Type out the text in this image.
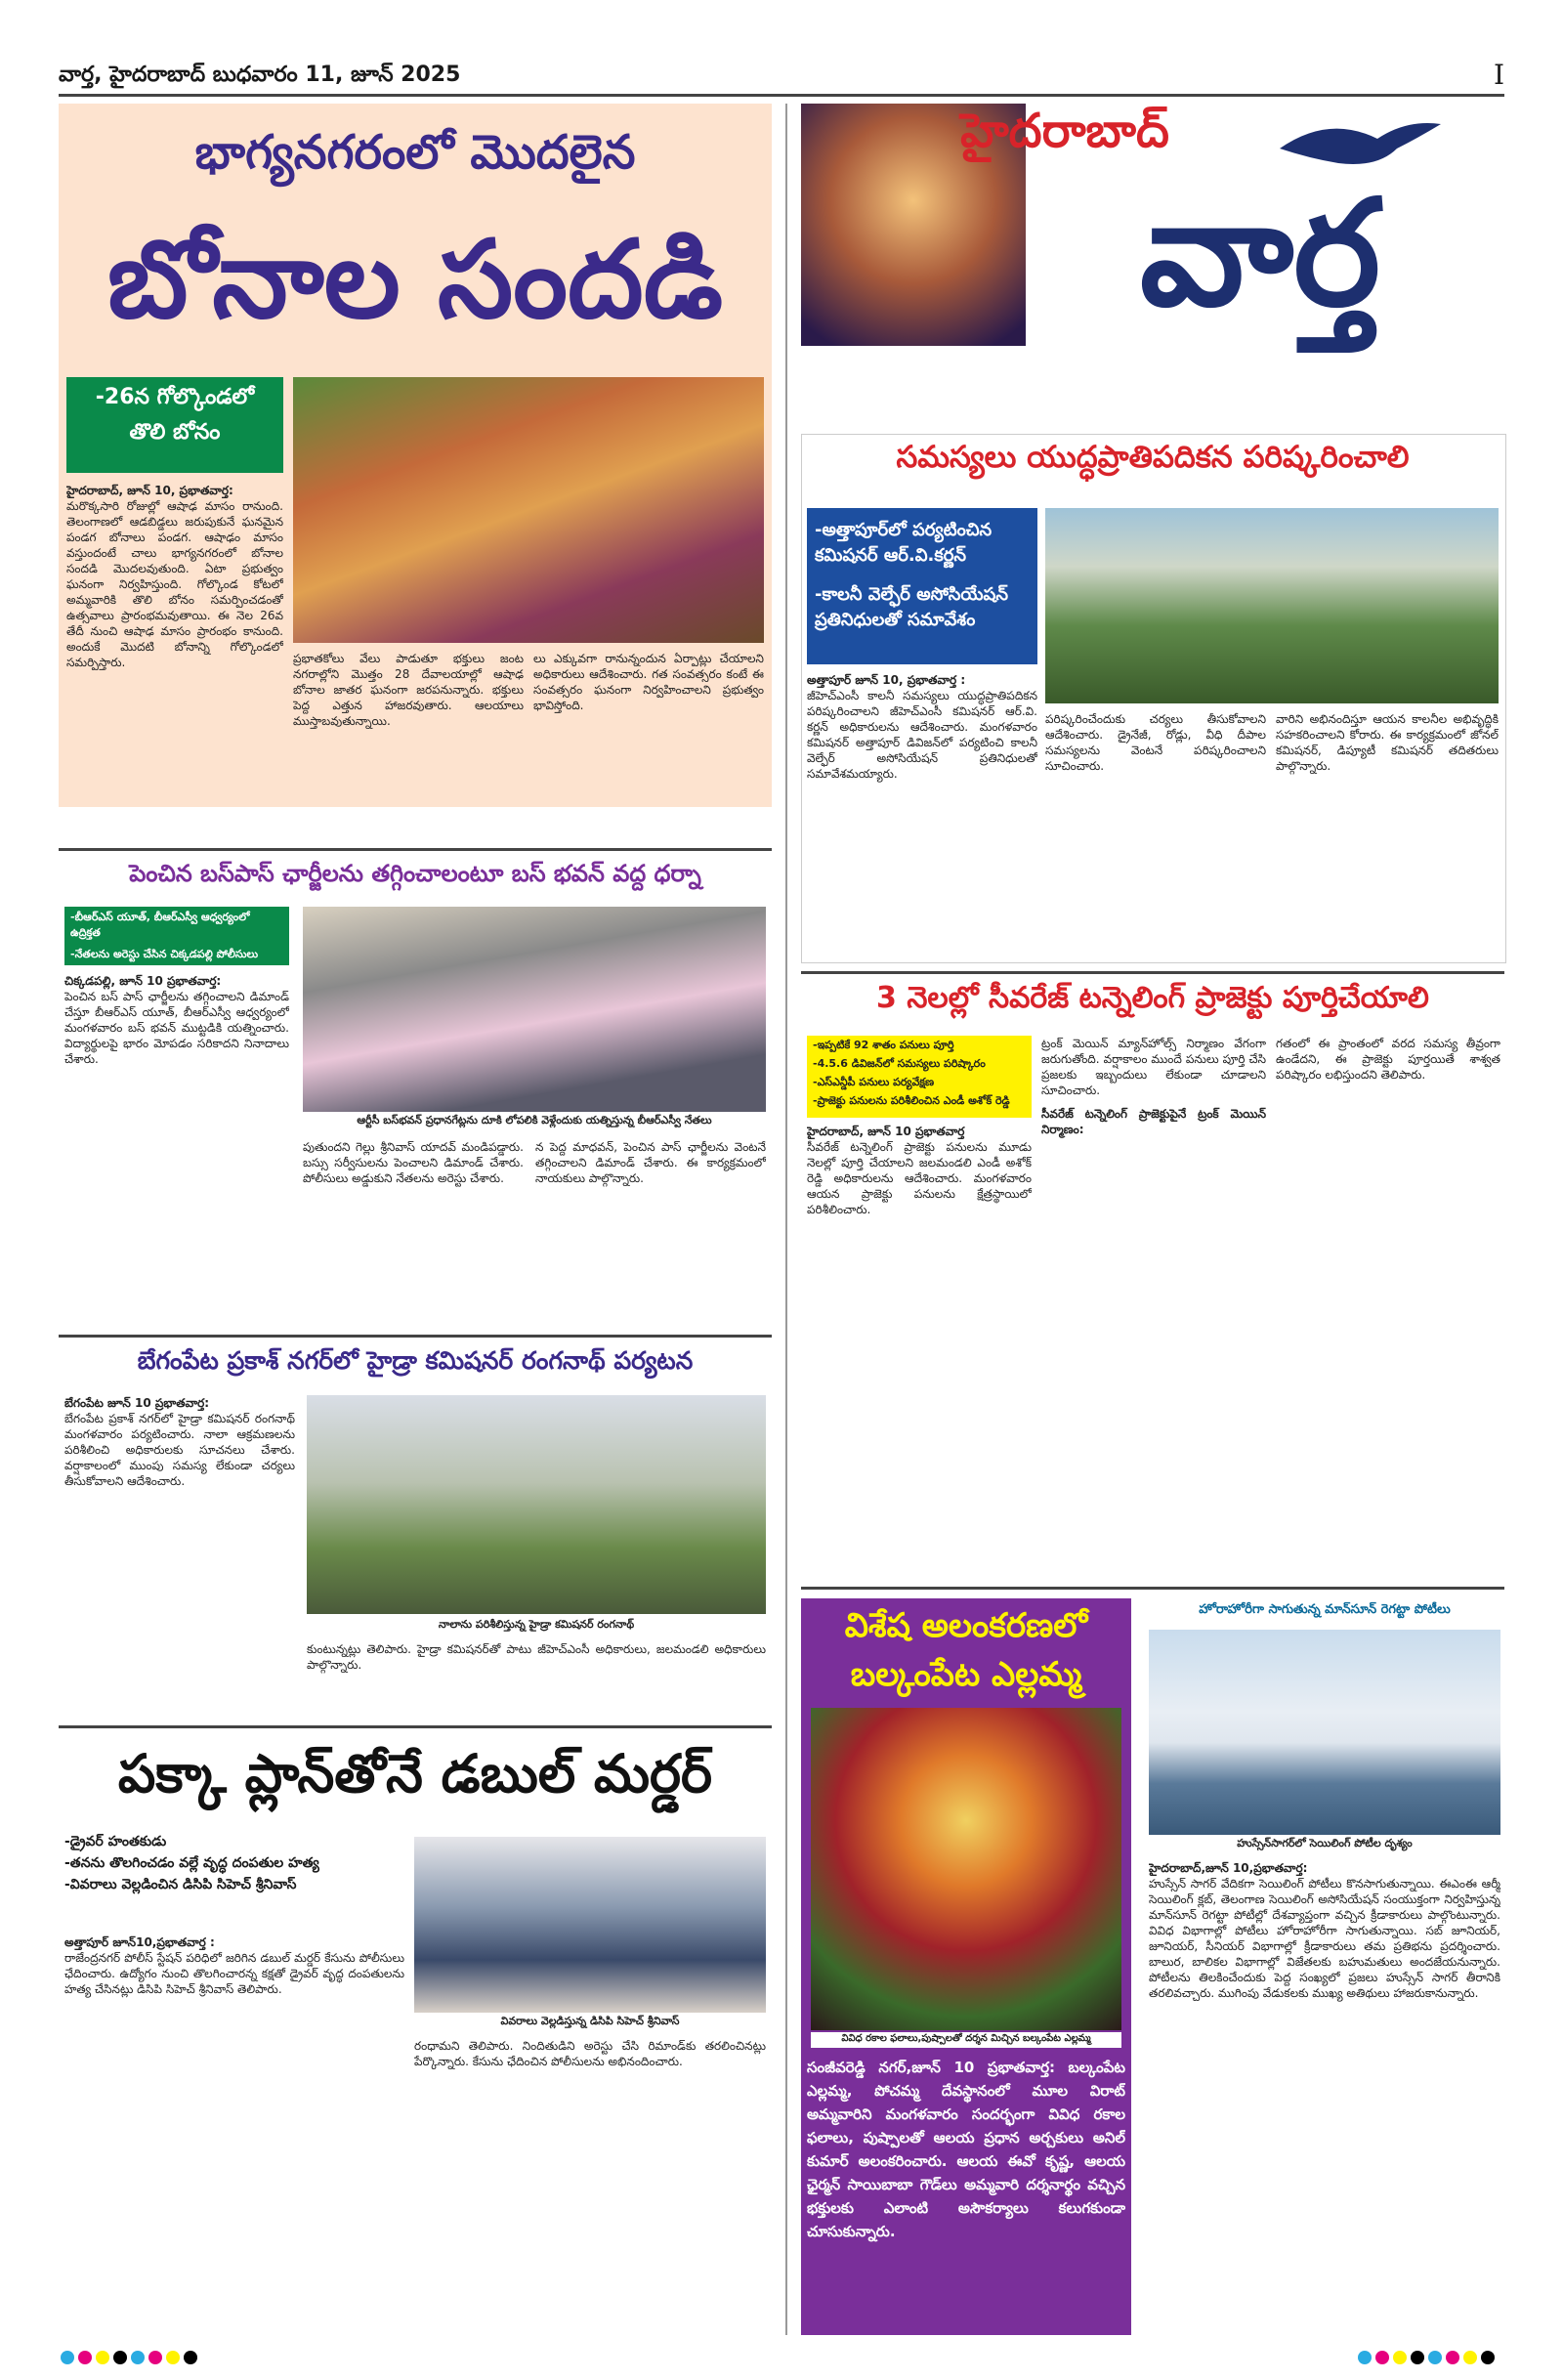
వార్త, హైదరాబాద్ బుధవారం 11, జూన్ 2025	I
భాగ్యనగరంలో మొదలైన
బోనాల సందడి
-26న గోల్కొండలో
తొలి బోనం

హైదరాబాద్, జూన్ 10, ప్రభాతవార్త:

మరొక్కసారి రోజుల్లో ఆషాఢ మాసం రానుంది. తెలంగాణలో ఆడబిడ్డలు జరుపుకునే ఘనమైన పండగ బోనాలు పండగ. ఆషాఢం మాసం వస్తుందంటే చాలు భాగ్యనగరంలో బోనాల సందడి మొదలవుతుంది. ఏటా ప్రభుత్వం ఘనంగా నిర్వహిస్తుంది. గోల్కొండ కోటలో అమ్మవారికి తొలి బోనం సమర్పించడంతో ఉత్సవాలు ప్రారంభమవుతాయి. ఈ నెల 26వ తేదీ నుంచి ఆషాఢ మాసం ప్రారంభం కానుంది. అందుకే మొదటి బోనాన్ని గోల్కొండలో సమర్పిస్తారు.	ప్రభాతకోలు వేలు పాడుతూ భక్తులు జంట నగరాల్లోని మొత్తం 28 దేవాలయాల్లో ఆషాఢ బోనాల జాతర ఘనంగా జరపనున్నారు. భక్తులు పెద్ద ఎత్తున హాజరవుతారు. ఆలయాలు ముస్తాబవుతున్నాయి.

లు ఎక్కువగా రానున్నందున ఏర్పాట్లు చేయాలని అధికారులు ఆదేశించారు. గత సంవత్సరం కంటే ఈ సంవత్సరం ఘనంగా నిర్వహించాలని ప్రభుత్వం భావిస్తోంది.

హైదరాబాద్
వార్త
సమస్యలు యుద్ధప్రాతిపదికన పరిష్కరించాలి
-అత్తాపూర్‌లో పర్యటించిన కమిషనర్ ఆర్.వి.కర్ణన్
-కాలనీ వెల్ఫేర్ అసోసియేషన్ ప్రతినిధులతో సమావేశం

అత్తాపూర్ జూన్ 10, ప్రభాతవార్త :

జీహెచ్ఎంసీ కాలనీ సమస్యలు యుద్ధప్రాతిపదికన పరిష్కరించాలని జీహెచ్ఎంసీ కమిషనర్ ఆర్.వి. కర్ణన్ అధికారులను ఆదేశించారు. మంగళవారం కమిషనర్ అత్తాపూర్ డివిజన్‌లో పర్యటించి కాలనీ వెల్ఫేర్ అసోసియేషన్ ప్రతినిధులతో సమావేశమయ్యారు.

పరిష్కరించేందుకు చర్యలు తీసుకోవాలని ఆదేశించారు. డ్రైనేజీ, రోడ్లు, వీధి దీపాల సమస్యలను వెంటనే పరిష్కరించాలని సూచించారు.

వారిని అభినందిస్తూ ఆయన కాలనీల అభివృద్ధికి సహకరించాలని కోరారు. ఈ కార్యక్రమంలో జోనల్ కమిషనర్, డిప్యూటీ కమిషనర్ తదితరులు పాల్గొన్నారు.

పెంచిన బస్‌పాస్ ఛార్జీలను తగ్గించాలంటూ బస్ భవన్ వద్ద ధర్నా
-బీఆర్ఎస్ యూత్, బీఆర్ఎస్వీ ఆధ్వర్యంలో ఉద్రిక్తత
-నేతలను అరెస్టు చేసిన చిక్కడపల్లి పోలీసులు

చిక్కడపల్లి, జూన్ 10 ప్రభాతవార్త:

పెంచిన బస్ పాస్ ఛార్జీలను తగ్గించాలని డిమాండ్ చేస్తూ బీఆర్ఎస్ యూత్, బీఆర్ఎస్వీ ఆధ్వర్యంలో మంగళవారం బస్ భవన్ ముట్టడికి యత్నించారు. విద్యార్థులపై భారం మోపడం సరికాదని నినాదాలు చేశారు.

ఆర్టీసీ బస్‌భవన్ ప్రధానగేట్లను దూకి లోపలికి వెళ్లేందుకు యత్నిస్తున్న బీఆర్ఎస్వీ నేతలు

పుతుందని గెల్లు శ్రీనివాస్ యాదవ్ మండిపడ్డారు. బస్సు సర్వీసులను పెంచాలని డిమాండ్ చేశారు. పోలీసులు అడ్డుకుని నేతలను అరెస్టు చేశారు.

న పెద్ద మాధవన్, పెంచిన పాస్ ఛార్జీలను వెంటనే తగ్గించాలని డిమాండ్ చేశారు. ఈ కార్యక్రమంలో నాయకులు పాల్గొన్నారు.

3 నెలల్లో సీవరేజ్ టన్నెలింగ్ ప్రాజెక్టు పూర్తిచేయాలి
-ఇప్పటికే 92 శాతం పనులు పూర్తి
-4.5.6 డివిజన్‌లో సమస్యలు పరిష్కారం
-ఎస్ఎన్డీపీ పనులు పర్యవేక్షణ
-ప్రాజెక్టు పనులను పరిశీలించిన ఎండీ అశోక్ రెడ్డి

హైదరాబాద్, జూన్ 10 ప్రభాతవార్త

సీవరేజ్ టన్నెలింగ్ ప్రాజెక్టు పనులను మూడు నెలల్లో పూర్తి చేయాలని జలమండలి ఎండీ అశోక్ రెడ్డి అధికారులను ఆదేశించారు. మంగళవారం ఆయన ప్రాజెక్టు పనులను క్షేత్రస్థాయిలో పరిశీలించారు.

ట్రంక్ మెయిన్ మ్యాన్‌హోల్స్ నిర్మాణం వేగంగా జరుగుతోంది. వర్షాకాలం ముందే పనులు పూర్తి చేసి ప్రజలకు ఇబ్బందులు లేకుండా చూడాలని సూచించారు.

సీవరేజ్ టన్నెలింగ్ ప్రాజెక్టుపైనే ట్రంక్ మెయిన్ నిర్మాణం:

గతంలో ఈ ప్రాంతంలో వరద సమస్య తీవ్రంగా ఉండేదని, ఈ ప్రాజెక్టు పూర్తయితే శాశ్వత పరిష్కారం లభిస్తుందని తెలిపారు.

బేగంపేట ప్రకాశ్ నగర్‌లో హైడ్రా కమిషనర్ రంగనాథ్ పర్యటన

బేగంపేట జూన్ 10 ప్రభాతవార్త:

బేగంపేట ప్రకాశ్ నగర్‌లో హైడ్రా కమిషనర్ రంగనాథ్ మంగళవారం పర్యటించారు. నాలా ఆక్రమణలను పరిశీలించి అధికారులకు సూచనలు చేశారు. వర్షాకాలంలో ముంపు సమస్య లేకుండా చర్యలు తీసుకోవాలని ఆదేశించారు.

నాలాను పరిశీలిస్తున్న హైడ్రా కమిషనర్ రంగనాథ్

కుంటున్నట్లు తెలిపారు. హైడ్రా కమిషనర్‌తో పాటు జీహెచ్ఎంసీ అధికారులు, జలమండలి అధికారులు పాల్గొన్నారు.

పక్కా ప్లాన్‌తోనే డబుల్ మర్డర్
-డ్రైవర్ హంతకుడు
-తనను తొలగించడం వల్లే వృద్ధ దంపతుల హత్య
-వివరాలు వెల్లడించిన డిసిపి సిహెచ్ శ్రీనివాస్

అత్తాపూర్ జూన్10,ప్రభాతవార్త :

రాజేంద్రనగర్ పోలీస్ స్టేషన్ పరిధిలో జరిగిన డబుల్ మర్డర్ కేసును పోలీసులు ఛేదించారు. ఉద్యోగం నుంచి తొలగించారన్న కక్షతో డ్రైవర్ వృద్ధ దంపతులను హత్య చేసినట్లు డిసిపి సిహెచ్ శ్రీనివాస్ తెలిపారు.

వివరాలు వెల్లడిస్తున్న డిసిపి సిహెచ్ శ్రీనివాస్

రంధామని తెలిపారు. నిందితుడిని అరెస్టు చేసి రిమాండ్‌కు తరలించినట్లు పేర్కొన్నారు. కేసును ఛేదించిన పోలీసులను అభినందించారు.

విశేష అలంకరణలో
బల్కంపేట ఎల్లమ్మ
వివిధ రకాల ఫలాలు,పుష్పాలతో దర్శన మిచ్చిన బల్కంపేట ఎల్లమ్మ
సంజీవరెడ్డి నగర్,జూన్ 10 ప్రభాతవార్త: బల్కంపేట ఎల్లమ్మ, పోచమ్మ దేవస్థానంలో మూల విరాట్ అమ్మవారిని మంగళవారం సందర్భంగా వివిధ రకాల ఫలాలు, పుష్పాలతో ఆలయ ప్రధాన అర్చకులు అనిల్ కుమార్ అలంకరించారు. ఆలయ ఈవో కృష్ణ, ఆలయ ఛైర్మన్ సాయిబాబా గౌడ్‌లు అమ్మవారి దర్శనార్థం వచ్చిన భక్తులకు ఎలాంటి అసౌకర్యాలు కలుగకుండా చూసుకున్నారు.
హోరాహోరీగా సాగుతున్న మాన్‌సూన్ రెగట్టా పోటీలు
హుస్సేన్‌సాగర్‌లో సెయిలింగ్ పోటీల దృశ్యం

హైదరాబాద్,జూన్ 10,ప్రభాతవార్త:

హుస్సేన్ సాగర్ వేదికగా సెయిలింగ్ పోటీలు కొనసాగుతున్నాయి. ఈఎంఈ ఆర్మీ సెయిలింగ్ క్లబ్, తెలంగాణ సెయిలింగ్ అసోసియేషన్ సంయుక్తంగా నిర్వహిస్తున్న మాన్‌సూన్ రెగట్టా పోటీల్లో దేశవ్యాప్తంగా వచ్చిన క్రీడాకారులు పాల్గొంటున్నారు. వివిధ విభాగాల్లో పోటీలు హోరాహోరీగా సాగుతున్నాయి. సబ్ జూనియర్, జూనియర్, సీనియర్ విభాగాల్లో క్రీడాకారులు తమ ప్రతిభను ప్రదర్శించారు. బాలుర, బాలికల విభాగాల్లో విజేతలకు బహుమతులు అందజేయనున్నారు. పోటీలను తిలకించేందుకు పెద్ద సంఖ్యలో ప్రజలు హుస్సేన్ సాగర్ తీరానికి తరలివచ్చారు. ముగింపు వేడుకలకు ముఖ్య అతిథులు హాజరుకానున్నారు.
